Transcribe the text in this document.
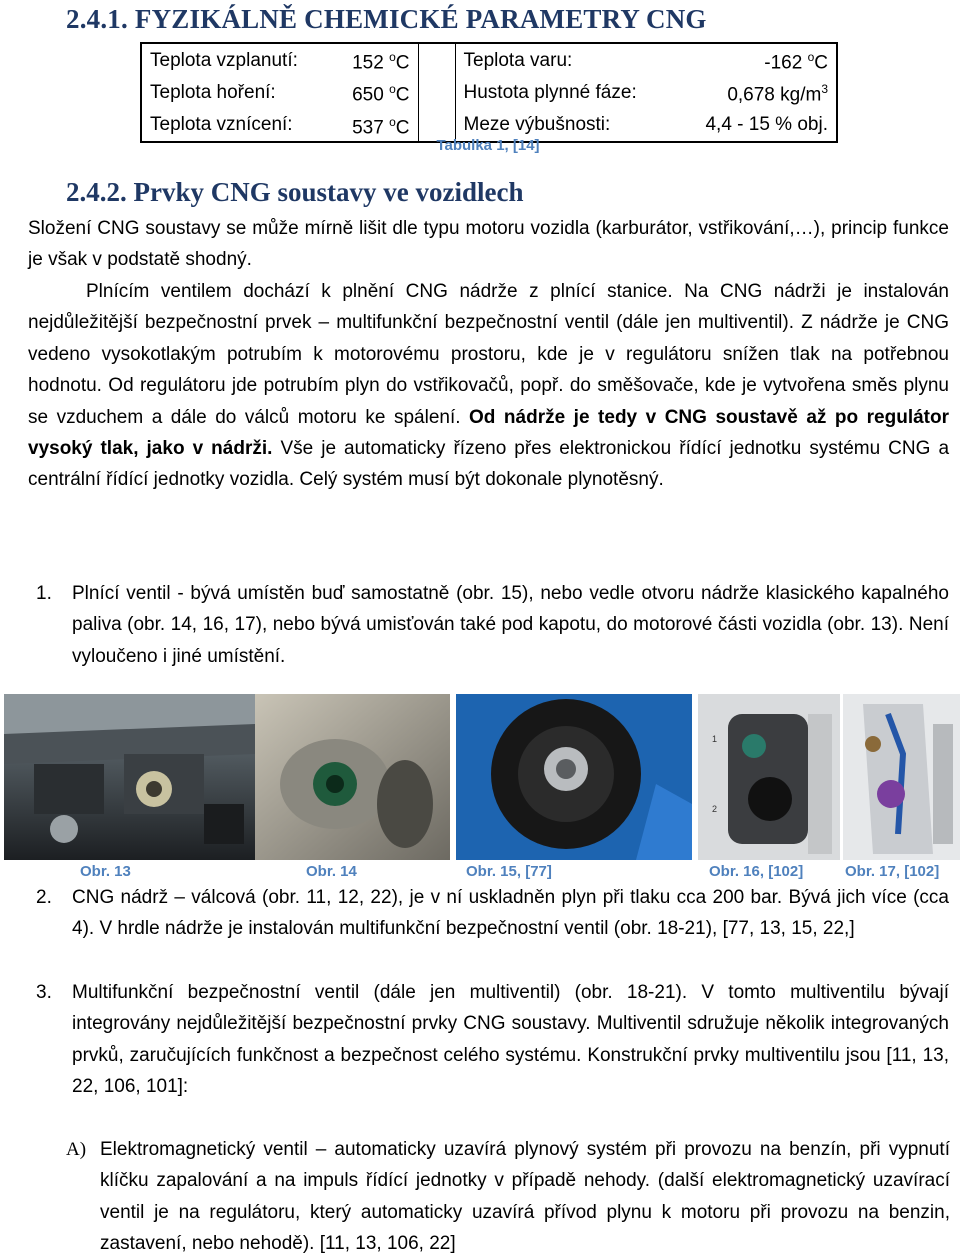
2.4.1. FYZIKÁLNĚ CHEMICKÉ PARAMETRY CNG
Teplota vzplanutí:	152 $^o$C		Teplota varu:	-162 $^o$C
Teplota hoření:	650 $^o$C		Hustota plynné fáze:	0,678 $kg/m^3$
Teplota vznícení:	537 $^o$C		Meze výbušnosti:	4,4 - 15 % obj.
Tabulka 1, [14]
2.4.2. Prvky CNG soustavy ve vozidlech

Složení CNG soustavy se může mírně lišit dle typu motoru vozidla (karburátor, vstřikování,…), princip funkce je však v podstatě shodný.

Plnícím ventilem dochází k plnění CNG nádrže z plnící stanice. Na CNG nádrži je instalován nejdůležitější bezpečnostní prvek – multifunkční bezpečnostní ventil (dále jen multiventil). Z nádrže je CNG vedeno vysokotlakým potrubím k motorovému prostoru, kde je v regulátoru snížen tlak na potřebnou hodnotu. Od regulátoru jde potrubím plyn do vstřikovačů, popř. do směšovače, kde je vytvořena směs plynu se vzduchem a dále do válců motoru ke spálení. Od nádrže je tedy v CNG soustavě až po regulátor vysoký tlak, jako v nádrži. Vše je automaticky řízeno přes elektronickou řídící jednotku systému CNG a centrální řídící jednotky vozidla. Celý systém musí být dokonale plynotěsný.

1. Plnící ventil - bývá umístěn buď samostatně (obr. 15), nebo vedle otvoru nádrže klasického kapalného paliva (obr. 14, 16, 17), nebo bývá umisťován také pod kapotu, do motorové části vozidla (obr. 13). Není vyloučeno i jiné umístění.
1
2
Obr. 13	Obr. 14	Obr. 15, [77]	Obr. 16, [102]	Obr. 17, [102]
2. CNG nádrž – válcová (obr. 11, 12, 22), je v ní uskladněn plyn při tlaku cca 200 bar. Bývá jich více (cca 4). V hrdle nádrže je instalován multifunkční bezpečnostní ventil (obr. 18-21), [77, 13, 15, 22,]
3. Multifunkční bezpečnostní ventil (dále jen multiventil) (obr. 18-21). V tomto multiventilu bývají integrovány nejdůležitější bezpečnostní prvky CNG soustavy. Multiventil sdružuje několik integrovaných prvků, zaručujících funkčnost a bezpečnost celého systému. Konstrukční prvky multiventilu jsou [11, 13, 22, 106, 101]:
A) Elektromagnetický ventil – automaticky uzavírá plynový systém při provozu na benzín, při vypnutí klíčku zapalování a na impuls řídící jednotky v případě nehody. (další elektromagnetický uzavírací ventil je na regulátoru, který automaticky uzavírá přívod plynu k motoru při provozu na benzin, zastavení, nebo nehodě). [11, 13, 106, 22]
